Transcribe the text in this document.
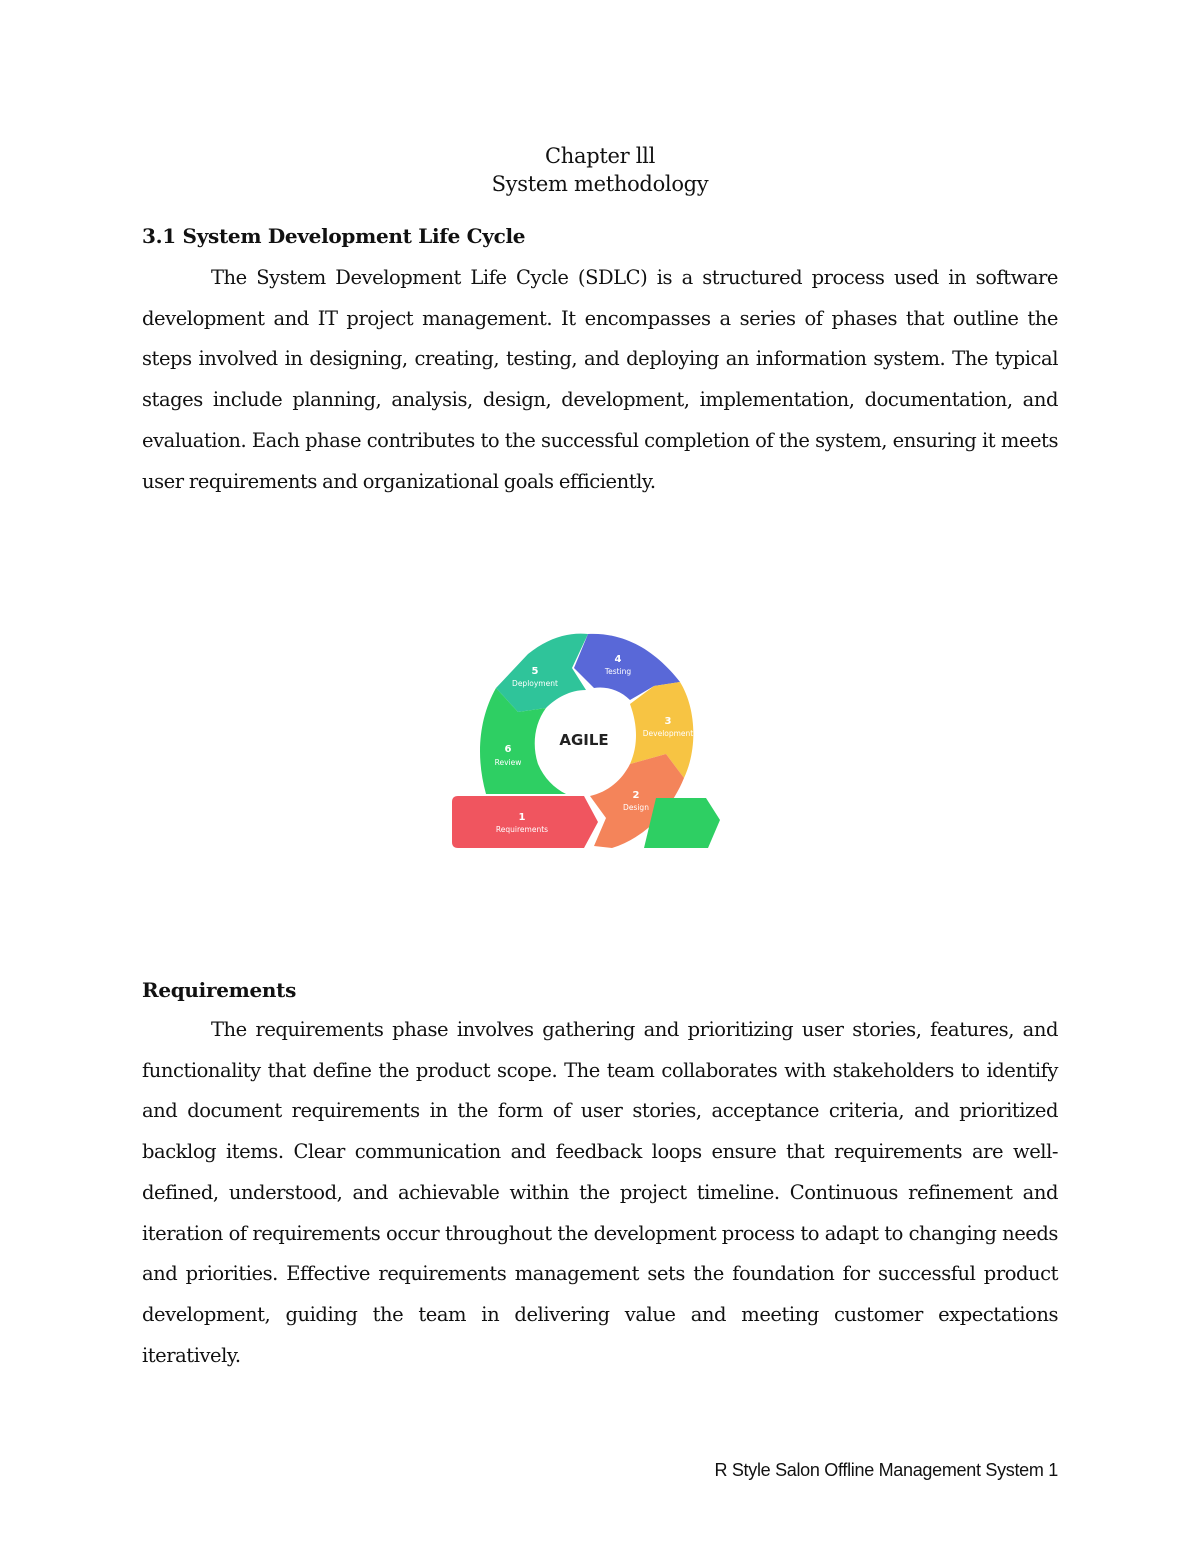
Chapter lll
System methodology
3.1 System Development Life Cycle

The System Development Life Cycle (SDLC) is a structured process used in software development and IT project management. It encompasses a series of phases that outline the steps involved in designing, creating, testing, and deploying an information system. The typical stages include planning, analysis, design, development, implementation, documentation, and evaluation. Each phase contributes to the successful completion of the system, ensuring it meets user requirements and organizational goals efficiently.

AGILE
5
Deployment
4
Testing
3
Development
2
Design
6
Review
1
Requirements
Requirements

The requirements phase involves gathering and prioritizing user stories, features, and functionality that define the product scope. The team collaborates with stakeholders to identify and document requirements in the form of user stories, acceptance criteria, and prioritized backlog items. Clear communication and feedback loops ensure that requirements are well-defined, understood, and achievable within the project timeline. Continuous refinement and iteration of requirements occur throughout the development process to adapt to changing needs and priorities. Effective requirements management sets the foundation for successful product development, guiding the team in delivering value and meeting customer expectations iteratively.

R Style Salon Offline Management System 1
